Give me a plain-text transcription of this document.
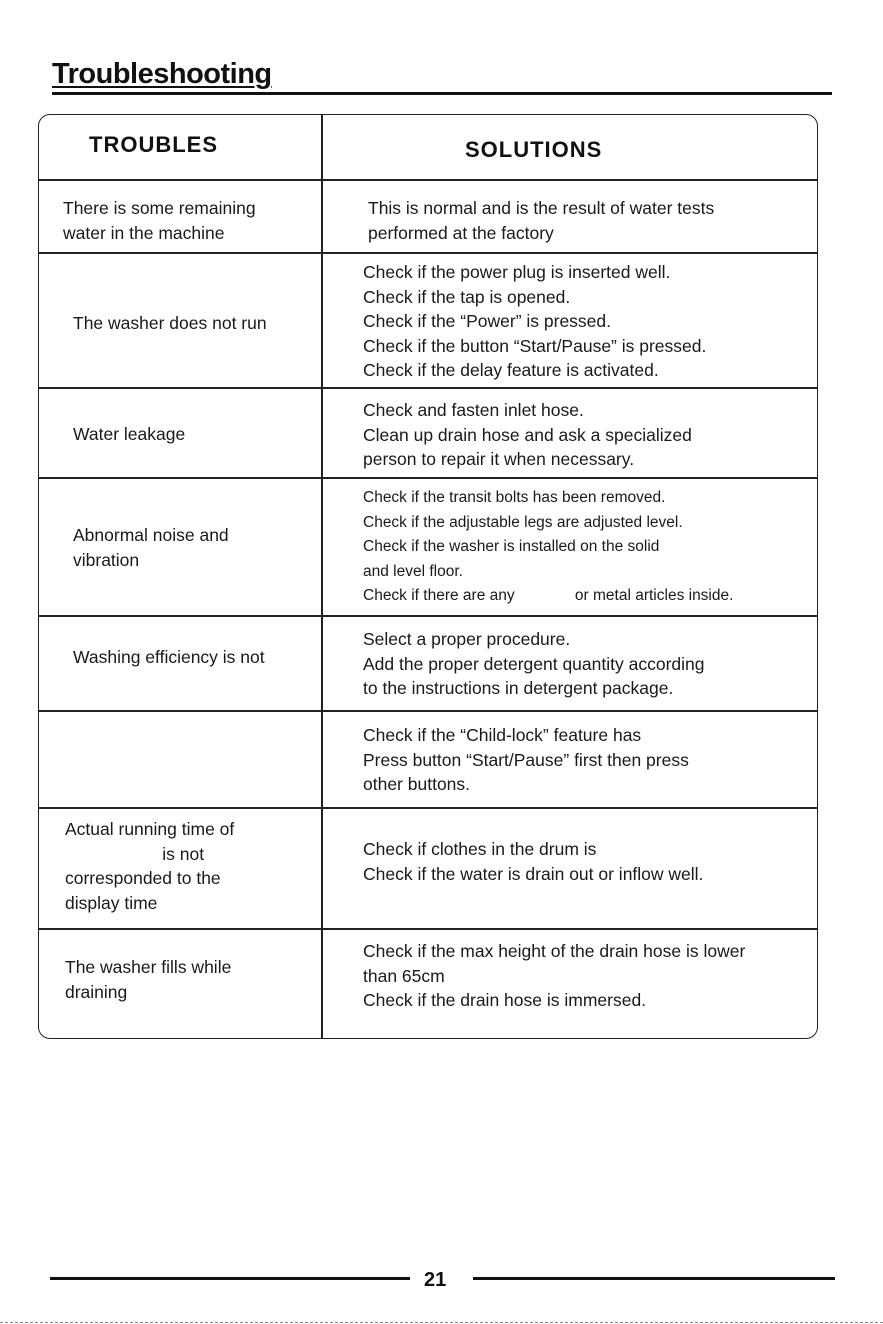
Troubleshooting
TROUBLES	SOLUTIONS
There is some remaining
water in the machine
This is normal and is the result of water tests
performed at the factory
The washer does not run
Check if the power plug is inserted well.
Check if the tap is opened.
Check if the “Power” is pressed.
Check if the button “Start/Pause” is pressed.
Check if the delay feature is activated.
Water leakage
Check and fasten inlet hose.
Clean up drain hose and ask a specialized
person to repair it when necessary.
Abnormal noise and
vibration
Check if the transit bolts has been removed.
Check if the adjustable legs are adjusted level.
Check if the washer is installed on the solid
and level floor.
Check if there are any              or metal articles inside.
Washing efficiency is not
Select a proper procedure.
Add the proper detergent quantity according
to the instructions in detergent package.
Check if the “Child-lock” feature has
Press button “Start/Pause” first then press
other buttons.
Actual running time of
is not
corresponded to the
display time
Check if clothes in the drum is
Check if the water is drain out or inflow well.
The washer fills while
draining
Check if the max height of the drain hose is lower
than 65cm
Check if the drain hose is immersed.
21
